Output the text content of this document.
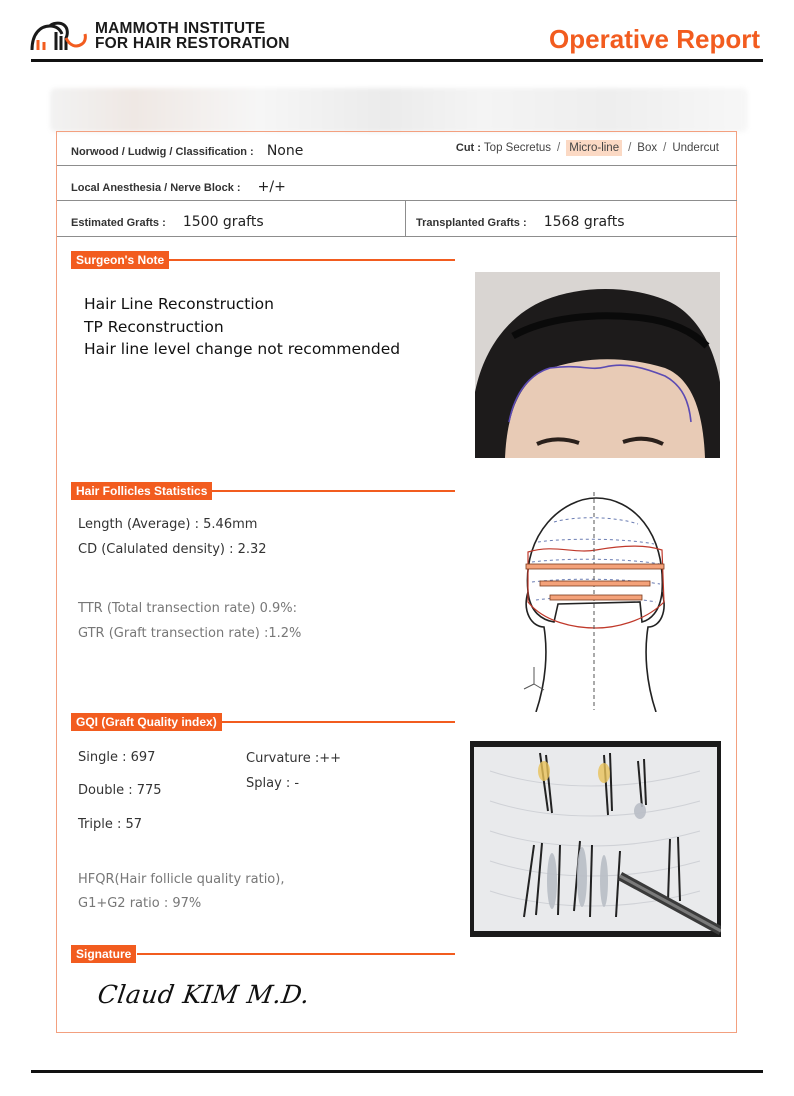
MAMMOTH INSTITUTE
FOR HAIR RESTORATION	Operative Report
Norwood / Ludwig / Classification : None	Cut : Top Secretus / Micro-line / Box / Undercut
Local Anesthesia / Nerve Block : +/+
Estimated Grafts : 1500 grafts	Transplanted Grafts : 1568 grafts
Surgeon's Note
Hair Line Reconstruction
TP Reconstruction
Hair line level change not recommended
Hair Follicles Statistics
Length (Average) : 5.46mm
CD (Calulated density) : 2.32
TTR (Total transection rate) 0.9%:
GTR (Graft transection rate) :1.2%
GQI (Graft Quality index)
Single : 697
Double : 775
Triple : 57
Curvature :++
Splay : -
HFQR(Hair follicle quality ratio),
G1+G2 ratio : 97%
Signature
Claud KIM M.D.
